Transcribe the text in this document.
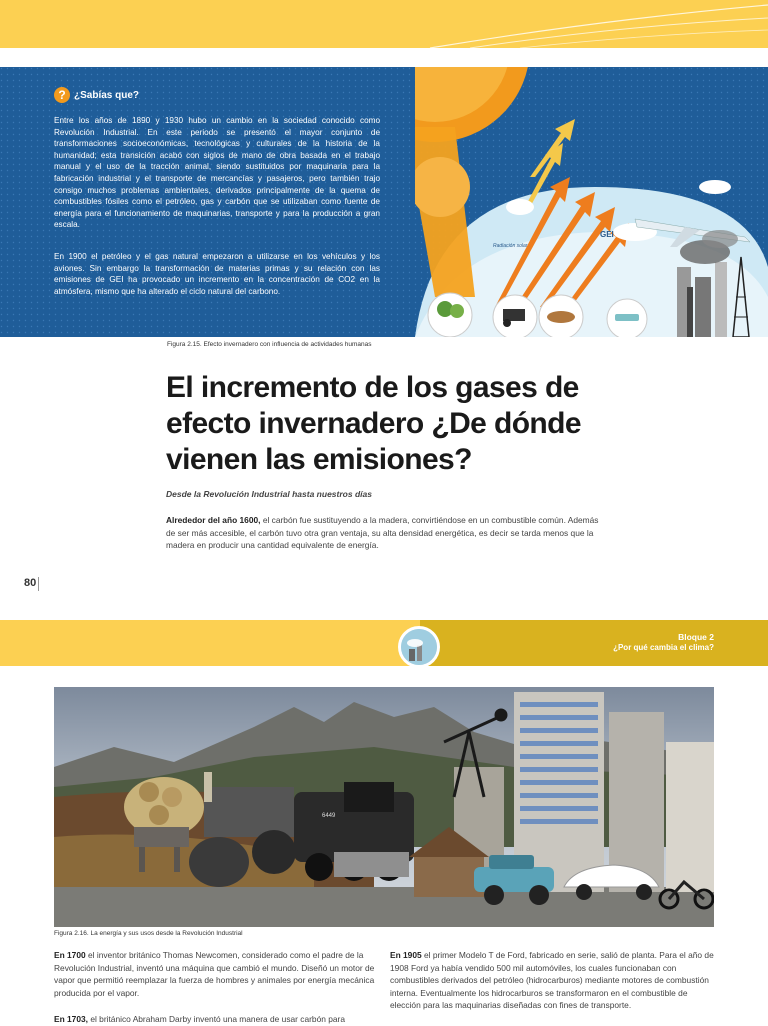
GEI
Radiación solar
? ¿Sabías que?
Entre los años de 1890 y 1930 hubo un cambio en la sociedad conocido como Revolución Industrial. En este periodo se presentó el mayor conjunto de transformaciones socioeconómicas, tecnológicas y culturales de la historia de la humanidad; esta transición acabó con siglos de mano de obra basada en el trabajo manual y el uso de la tracción animal, siendo sustituidos por maquinaria para la fabricación industrial y el transporte de mercancías y pasajeros, pero también trajo consigo muchos problemas ambientales, derivados principalmente de la quema de combustibles fósiles como el petróleo, gas y carbón que se utilizaban como fuente de energía para el funcionamiento de maquinarias, transporte y para la producción a gran escala.
En 1900 el petróleo y el gas natural empezaron a utilizarse en los vehículos y los aviones. Sin embargo la transformación de materias primas y su relación con las emisiones de GEI ha provocado un incremento en la concentración de CO2 en la atmósfera, mismo que ha alterado el ciclo natural del carbono.
Figura 2.15. Efecto invernadero con influencia de actividades humanas
El incremento de los gases de efecto invernadero ¿De dónde vienen las emisiones?
Desde la Revolución Industrial hasta nuestros días
Alrededor del año 1600, el carbón fue sustituyendo a la madera, convirtiéndose en un combustible común. Además de ser más accesible, el carbón tuvo otra gran ventaja, su alta densidad energética, es decir se tarda menos que la madera en producir una cantidad equivalente de energía.
80
Bloque 2
¿Por qué cambia el clima?
6449
Figura 2.16. La energía y sus usos desde la Revolución Industrial
En 1700 el inventor británico Thomas Newcomen, considerado como el padre de la Revolución Industrial, inventó una máquina que cambió el mundo. Diseñó un motor de vapor que permitió reemplazar la fuerza de hombres y animales por energía mecánica producida por el vapor.
En 1703, el británico Abraham Darby inventó una manera de usar carbón para
En 1905 el primer Modelo T de Ford, fabricado en serie, salió de planta. Para el año de 1908 Ford ya había vendido 500 mil automóviles, los cuales funcionaban con combustibles derivados del petróleo (hidrocarburos) mediante motores de combustión interna. Eventualmente los hidrocarburos se transformaron en el combustible de elección para las maquinarias diseñadas con fines de transporte.
